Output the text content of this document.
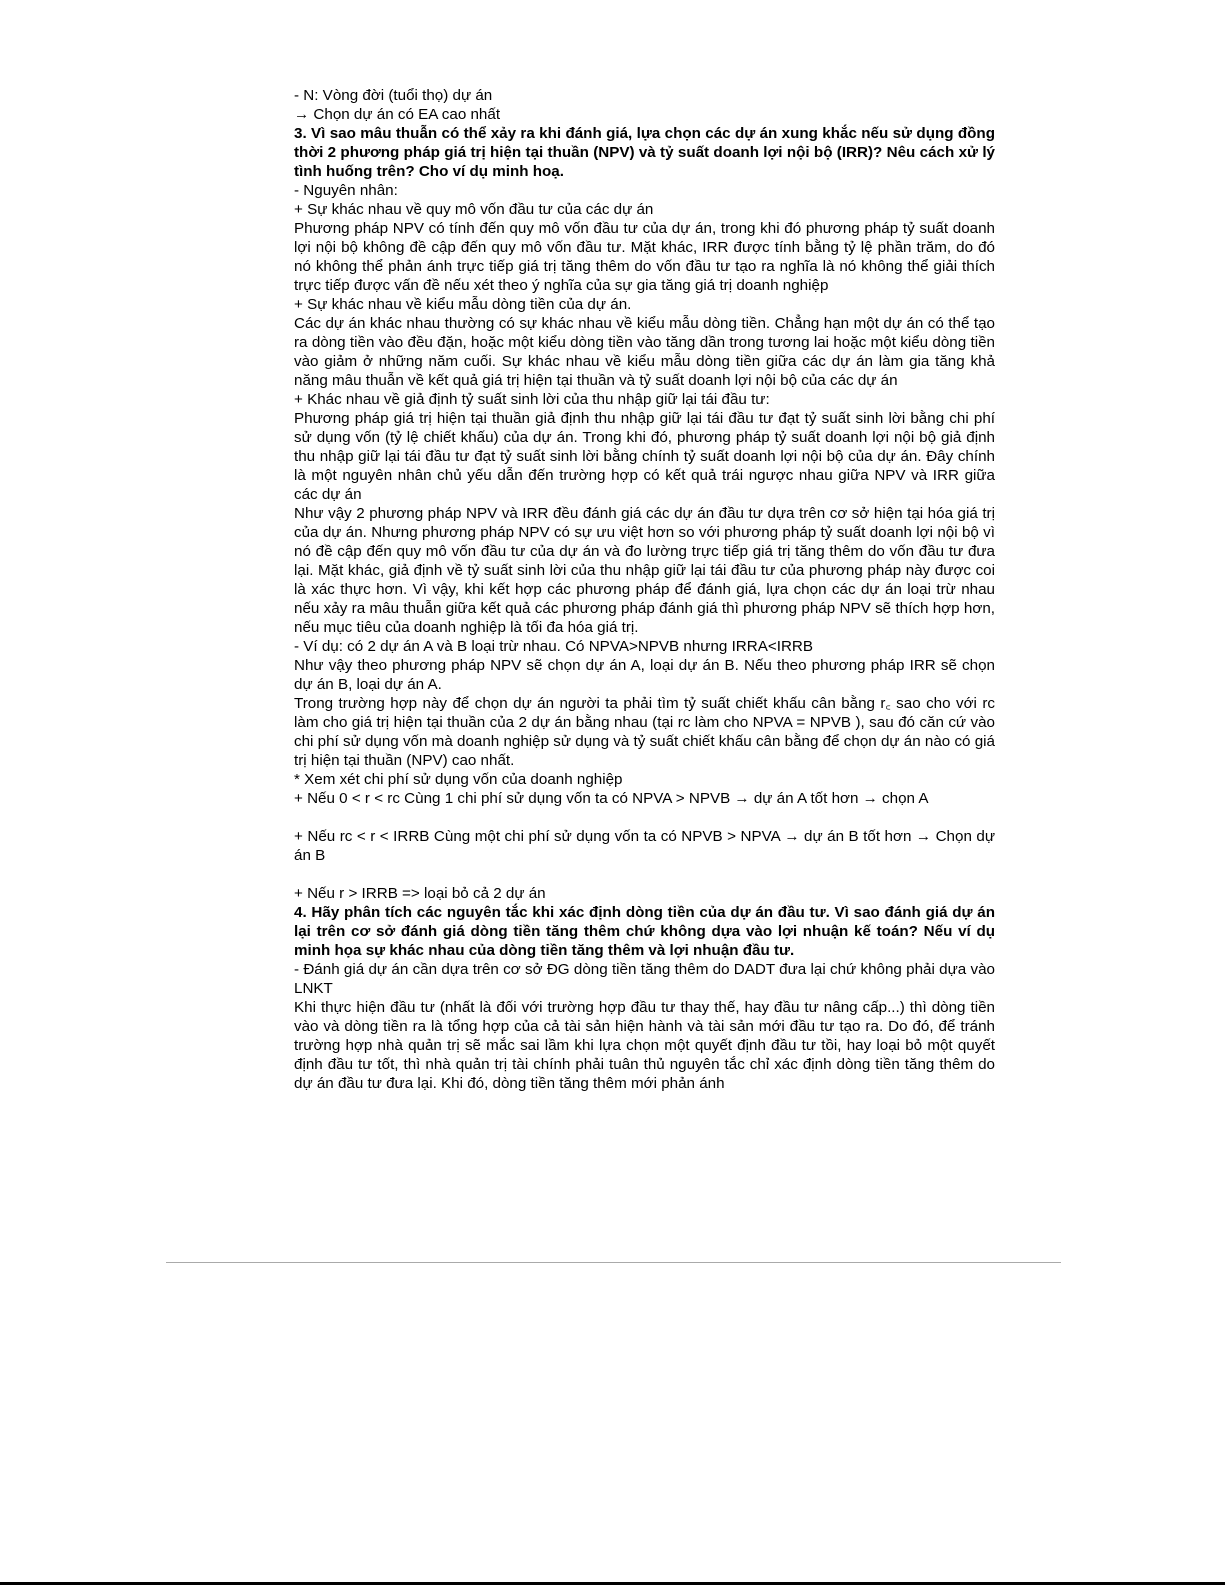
- N: Vòng đời (tuổi thọ) dự án

→ Chọn dự án có EA cao nhất

3. Vì sao mâu thuẫn có thể xảy ra khi đánh giá, lựa chọn các dự án xung khắc nếu sử dụng đồng thời 2 phương pháp giá trị hiện tại thuần (NPV) và tỷ suất doanh lợi nội bộ (IRR)? Nêu cách xử lý tình huống trên? Cho ví dụ minh hoạ.

- Nguyên nhân:

+ Sự khác nhau về quy mô vốn đầu tư của các dự án

Phương pháp NPV có tính đến quy mô vốn đầu tư của dự án, trong khi đó phương pháp tỷ suất doanh lợi nội bộ không đề cập đến quy mô vốn đầu tư. Mặt khác, IRR được tính bằng tỷ lệ phần trăm, do đó nó không thể phản ánh trực tiếp giá trị tăng thêm do vốn đầu tư tạo ra nghĩa là nó không thể giải thích trực tiếp được vấn đề nếu xét theo ý nghĩa của sự gia tăng giá trị doanh nghiệp

+ Sự khác nhau về kiểu mẫu dòng tiền của dự án.

Các dự án khác nhau thường có sự khác nhau về kiểu mẫu dòng tiền. Chẳng hạn một dự án có thể tạo ra dòng tiền vào đều đặn, hoặc một kiểu dòng tiền vào tăng dần trong tương lai hoặc một kiểu dòng tiền vào giảm ở những năm cuối. Sự khác nhau về kiểu mẫu dòng tiền giữa các dự án làm gia tăng khả năng mâu thuẫn về kết quả giá trị hiện tại thuần và tỷ suất doanh lợi nội bộ của các dự án

+ Khác nhau về giả định tỷ suất sinh lời của thu nhập giữ lại tái đầu tư:

Phương pháp giá trị hiện tại thuần giả định thu nhập giữ lại tái đầu tư đạt tỷ suất sinh lời bằng chi phí sử dụng vốn (tỷ lệ chiết khấu) của dự án. Trong khi đó, phương pháp tỷ suất doanh lợi nội bộ giả định thu nhập giữ lại tái đầu tư đạt tỷ suất sinh lời bằng chính tỷ suất doanh lợi nội bộ của dự án. Đây chính là một nguyên nhân chủ yếu dẫn đến trường hợp có kết quả trái ngược nhau giữa NPV và IRR giữa các dự án

Như vậy 2 phương pháp NPV và IRR đều đánh giá các dự án đầu tư dựa trên cơ sở hiện tại hóa giá trị của dự án. Nhưng phương pháp NPV có sự ưu việt hơn so với phương pháp tỷ suất doanh lợi nội bộ vì nó đề cập đến quy mô vốn đầu tư của dự án và đo lường trực tiếp giá trị tăng thêm do vốn đầu tư đưa lại. Mặt khác, giả định về tỷ suất sinh lời của thu nhập giữ lại tái đầu tư của phương pháp này được coi là xác thực hơn. Vì vậy, khi kết hợp các phương pháp để đánh giá, lựa chọn các dự án loại trừ nhau nếu xảy ra mâu thuẫn giữa kết quả các phương pháp đánh giá thì phương pháp NPV sẽ thích hợp hơn, nếu mục tiêu của doanh nghiệp là tối đa hóa giá trị.

- Ví dụ: có 2 dự án A và B loại trừ nhau. Có NPVA>NPVB nhưng IRRA<IRRB

Như vậy theo phương pháp NPV sẽ chọn dự án A, loại dự án B. Nếu theo phương pháp IRR sẽ chọn dự án B, loại dự án A.

Trong trường hợp này để chọn dự án người ta phải tìm tỷ suất chiết khấu cân bằng r꜀ sao cho với rc làm cho giá trị hiện tại thuần của 2 dự án bằng nhau (tại rc làm cho NPVA = NPVB ), sau đó căn cứ vào chi phí sử dụng vốn mà doanh nghiệp sử dụng và tỷ suất chiết khấu cân bằng để chọn dự án nào có giá trị hiện tại thuần (NPV) cao nhất.

* Xem xét chi phí sử dụng vốn của doanh nghiệp

+ Nếu 0 < r < rc Cùng 1 chi phí sử dụng vốn ta có NPVA > NPVB → dự án A tốt hơn → chọn A

+ Nếu rc < r < IRRB Cùng một chi phí sử dụng vốn ta có NPVB > NPVA → dự án B tốt hơn → Chọn dự án B

+ Nếu r > IRRB => loại bỏ cả 2 dự án

4. Hãy phân tích các nguyên tắc khi xác định dòng tiền của dự án đầu tư. Vì sao đánh giá dự án lại trên cơ sở đánh giá dòng tiền tăng thêm chứ không dựa vào lợi nhuận kế toán? Nếu ví dụ minh họa sự khác nhau của dòng tiền tăng thêm và lợi nhuận đầu tư.

- Đánh giá dự án cần dựa trên cơ sở ĐG dòng tiền tăng thêm do DADT đưa lại chứ không phải dựa vào LNKT

Khi thực hiện đầu tư (nhất là đối với trường hợp đầu tư thay thế, hay đầu tư nâng cấp...) thì dòng tiền vào và dòng tiền ra là tổng hợp của cả tài sản hiện hành và tài sản mới đầu tư tạo ra. Do đó, để tránh trường hợp nhà quản trị sẽ mắc sai lầm khi lựa chọn một quyết định đầu tư tồi, hay loại bỏ một quyết định đầu tư tốt, thì nhà quản trị tài chính phải tuân thủ nguyên tắc chỉ xác định dòng tiền tăng thêm do dự án đầu tư đưa lại. Khi đó, dòng tiền tăng thêm mới phản ánh
